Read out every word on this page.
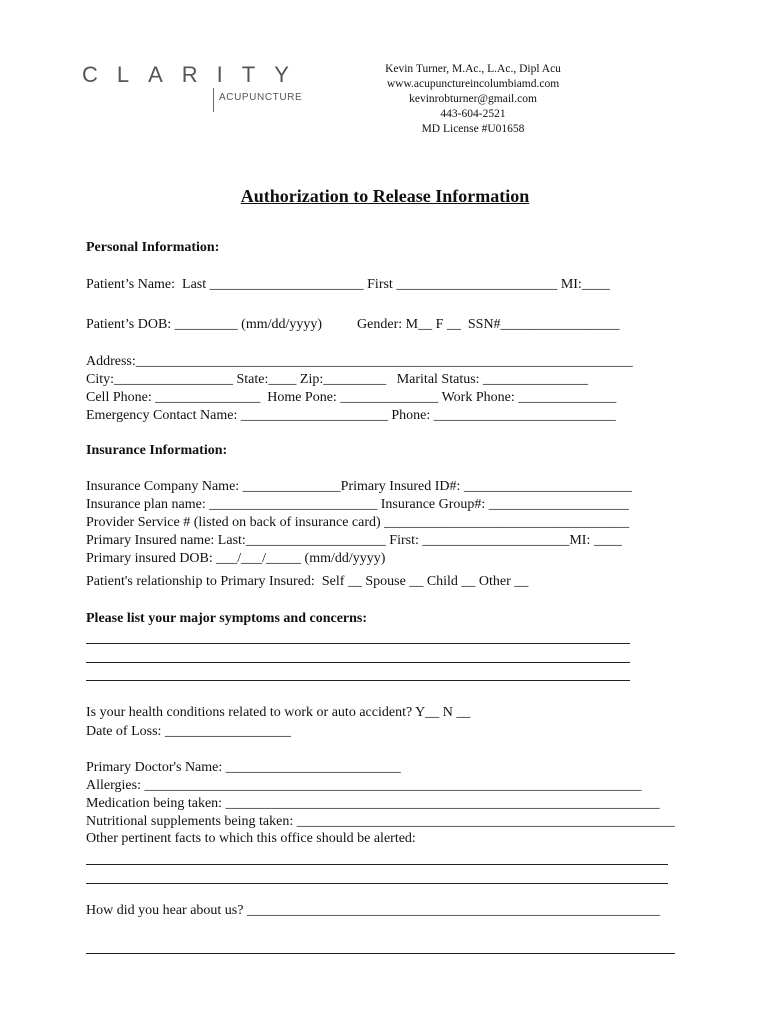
CLARITY
ACUPUNCTURE
Kevin Turner, M.Ac., L.Ac., Dipl Acu
www.acupunctureincolumbiamd.com
kevinrobturner@gmail.com
443-604-2521
MD License #U01658
Authorization to Release Information
Personal Information:
Patient’s Name:  Last ______________________ First _______________________ MI:____
Patient’s DOB: _________ (mm/dd/yyyy)          Gender: M__ F __  SSN#_________________
Address:_______________________________________________________________________
City:_________________ State:____ Zip:_________   Marital Status: _______________
Cell Phone: _______________  Home Pone: ______________ Work Phone: ______________
Emergency Contact Name: _____________________ Phone: __________________________
Insurance Information:
Insurance Company Name: ______________Primary Insured ID#: ________________________
Insurance plan name: ________________________ Insurance Group#: ____________________
Provider Service # (listed on back of insurance card) ___________________________________
Primary Insured name: Last:____________________ First: _____________________MI: ____
Primary insured DOB: ___/___/_____ (mm/dd/yyyy)
Patient's relationship to Primary Insured:  Self __ Spouse __ Child __ Other __
Please list your major symptoms and concerns:
Is your health conditions related to work or auto accident? Y__ N __
Date of Loss: __________________
Primary Doctor's Name: _________________________
Allergies: _______________________________________________________________________
Medication being taken: ______________________________________________________________
Nutritional supplements being taken: ______________________________________________________
Other pertinent facts to which this office should be alerted:
How did you hear about us? ___________________________________________________________
